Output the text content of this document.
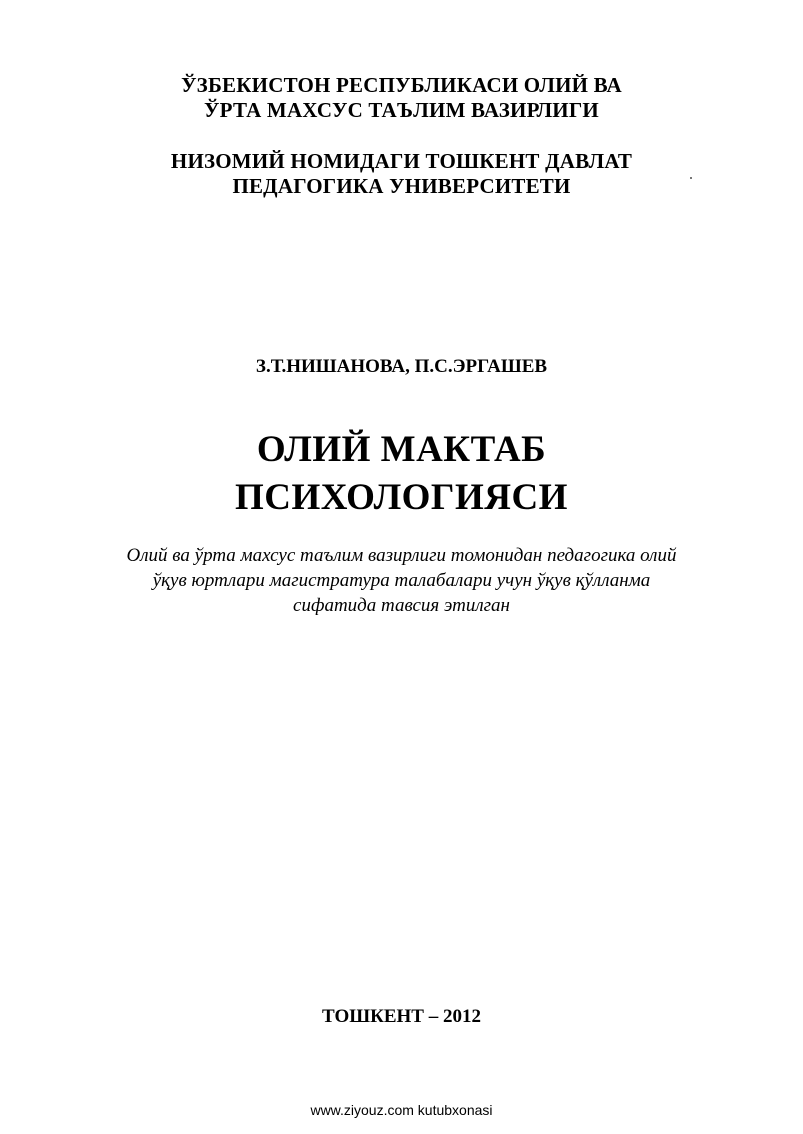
ЎЗБЕКИСТОН РЕСПУБЛИКАСИ ОЛИЙ ВА

ЎРТА МАХСУС ТАЪЛИМ ВАЗИРЛИГИ

НИЗОМИЙ НОМИДАГИ ТОШКЕНТ ДАВЛАТ

ПЕДАГОГИКА УНИВЕРСИТЕТИ

З.Т.НИШАНОВА, П.С.ЭРГАШЕВ

ОЛИЙ МАКТАБ

ПСИХОЛОГИЯСИ

Олий ва ўрта махсус таълим вазирлиги томонидан педагогика олий

ўқув юртлари магистратура талабалари учун ўқув қўлланма

сифатида тавсия этилган

ТОШКЕНТ – 2012

www.ziyouz.com kutubxonasi
